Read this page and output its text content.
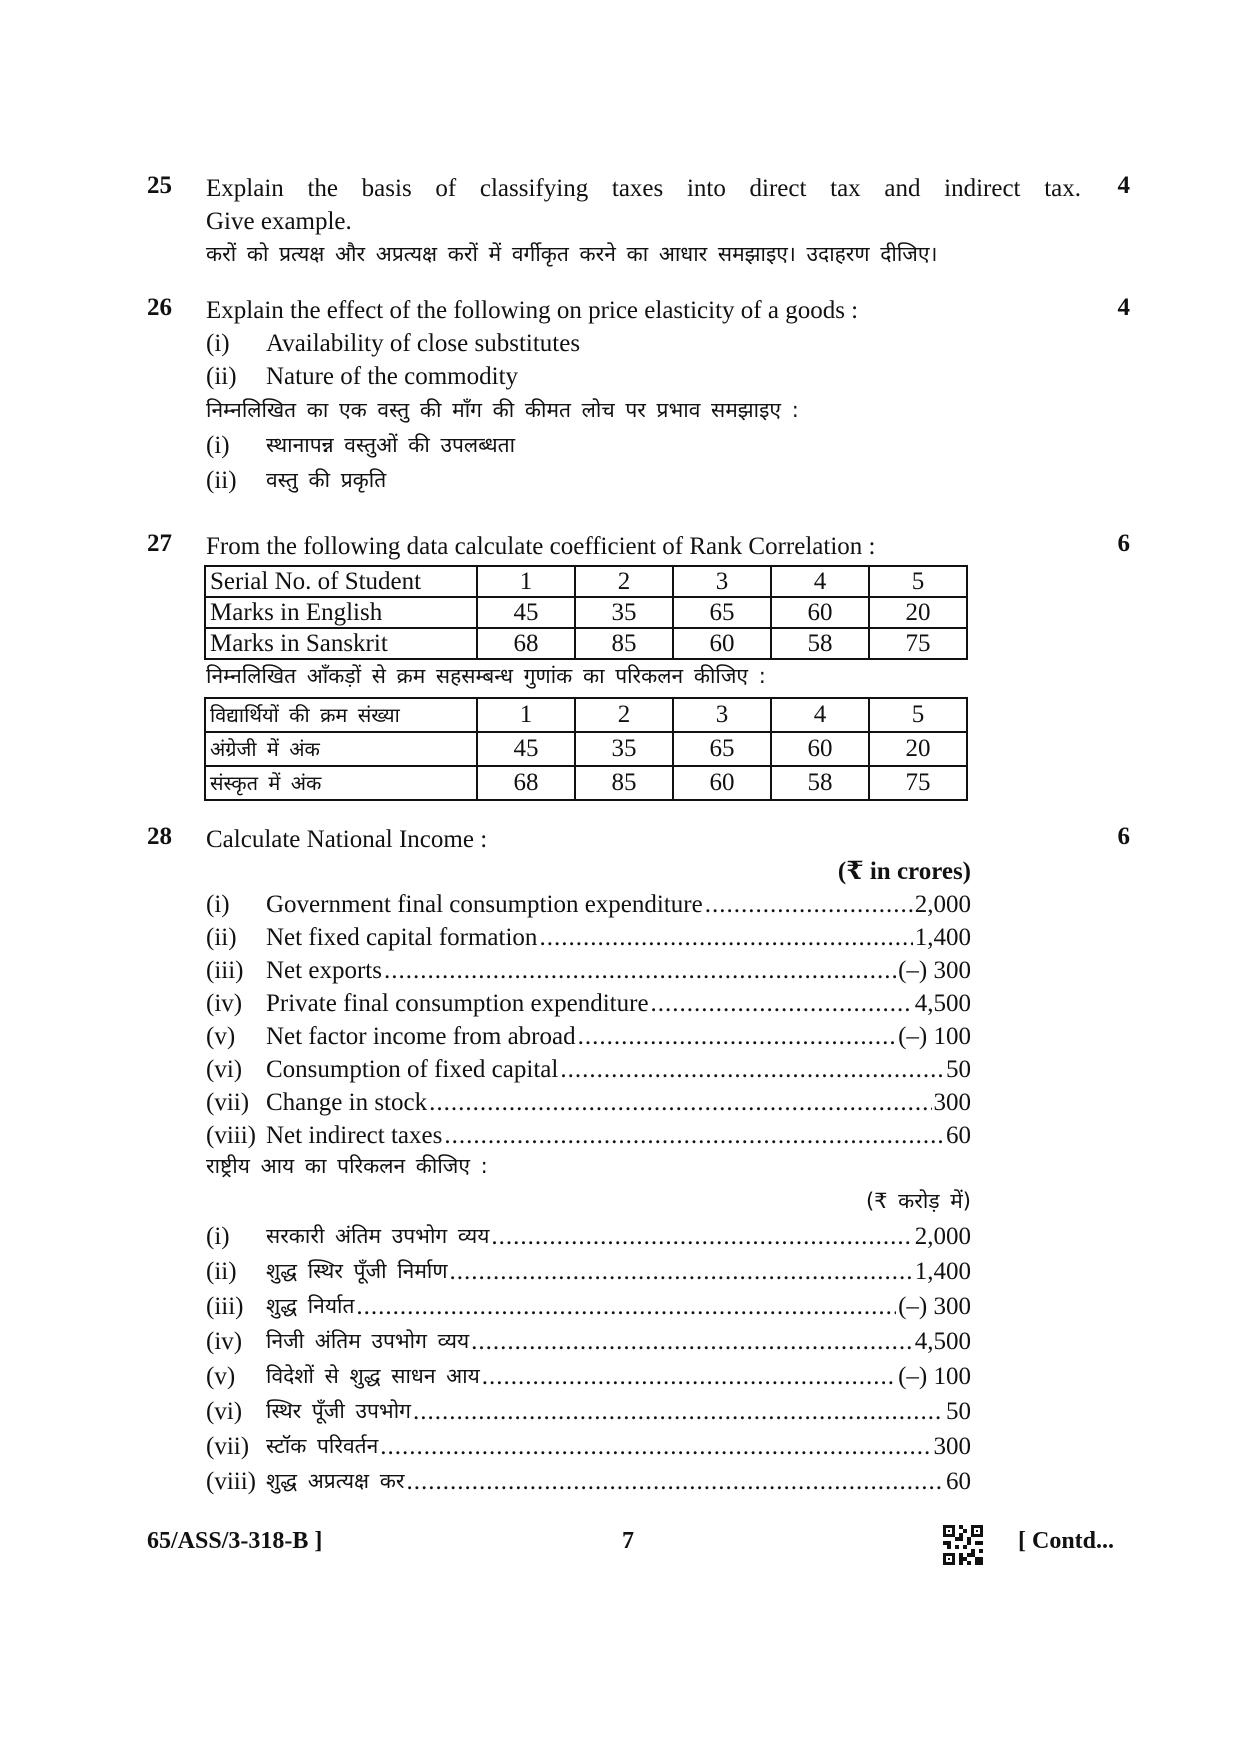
25	4
Explain the basis of classifying taxes into direct tax and indirect tax.
Give example.
करों को प्रत्यक्ष और अप्रत्यक्ष करों में वर्गीकृत करने का आधार समझाइए। उदाहरण दीजिए।
26	4
Explain the effect of the following on price elasticity of a goods :
(i)	Availability of close substitutes
(ii)	Nature of the commodity
निम्नलिखित का एक वस्तु की माँग की कीमत लोच पर प्रभाव समझाइए :
(i)	स्थानापन्न वस्तुओं की उपलब्धता
(ii)	वस्तु की प्रकृति
27	6
From the following data calculate coefficient of Rank Correlation :
Serial No. of Student	1	2	3	4	5
Marks in English	45	35	65	60	20
Marks in Sanskrit	68	85	60	58	75
निम्नलिखित आँकड़ों से क्रम सहसम्बन्ध गुणांक का परिकलन कीजिए :
विद्यार्थियों की क्रम संख्या	1	2	3	4	5
अंग्रेजी में अंक	45	35	65	60	20
संस्कृत में अंक	68	85	60	58	75
28	6
Calculate National Income :
(₹ in crores)
(i)	Government final consumption expenditure .....	2,000
(ii)	Net fixed capital formation .....	1,400
(iii) Net exports .....	(–) 300
(iv) Private final consumption expenditure .....	4,500
(v)	Net factor income from abroad .....	(–) 100
(vi) Consumption of fixed capital .....	50
(vii) Change in stock .....	300
(viii) Net indirect taxes .....	60
राष्ट्रीय आय का परिकलन कीजिए :
(₹ करोड़ में)
(i)	सरकारी अंतिम उपभोग व्यय .....	2,000
(ii)	शुद्ध स्थिर पूँजी निर्माण .....	1,400
(iii)	शुद्ध निर्यात .....	(–) 300
(iv)	निजी अंतिम उपभोग व्यय .....	4,500
(v)	विदेशों से शुद्ध साधन आय .....	(–) 100
(vi)	स्थिर पूँजी उपभोग .....	50
(vii) स्टॉक परिवर्तन .....	300
(viii) शुद्ध अप्रत्यक्ष कर .....	60
65/ASS/3-318-B ]	7	[ Contd...
